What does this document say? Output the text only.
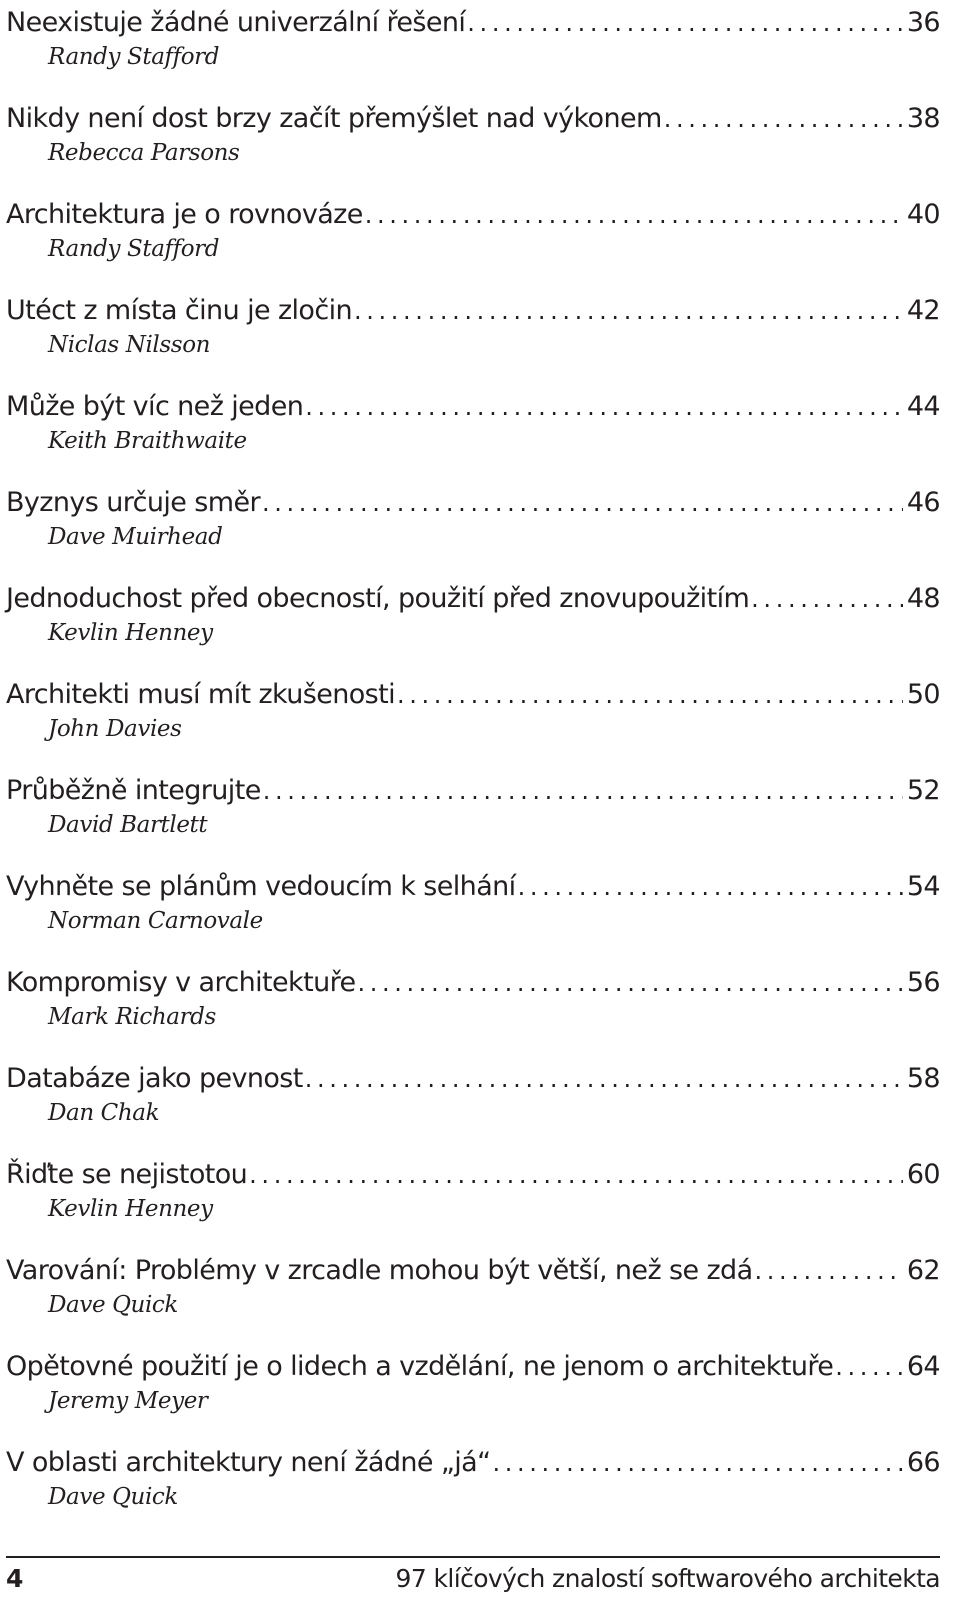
Neexistuje žádné univerzální řešení . . .	36
Randy Stafford
Nikdy není dost brzy začít přemýšlet nad výkonem . . .	38
Rebecca Parsons
Architektura je o rovnováze . . .	40
Randy Stafford
Utéct z místa činu je zločin . . .	42
Niclas Nilsson
Může být víc než jeden . . .	44
Keith Braithwaite
Byznys určuje směr . . .	46
Dave Muirhead
Jednoduchost před obecností, použití před znovupoužitím . . .	48
Kevlin Henney
Architekti musí mít zkušenosti . . .	50
John Davies
Průběžně integrujte . . .	52
David Bartlett
Vyhněte se plánům vedoucím k selhání . . .	54
Norman Carnovale
Kompromisy v architektuře . . .	56
Mark Richards
Databáze jako pevnost . . .	58
Dan Chak
Řiďte se nejistotou . . .	60
Kevlin Henney
Varování: Problémy v zrcadle mohou být větší, než se zdá . . .	62
Dave Quick
Opětovné použití je o lidech a vzdělání, ne jenom o architektuře . . .	64
Jeremy Meyer
V oblasti architektury není žádné „já“ . . .	66
Dave Quick
4	97 klíčových znalostí softwarového architekta
